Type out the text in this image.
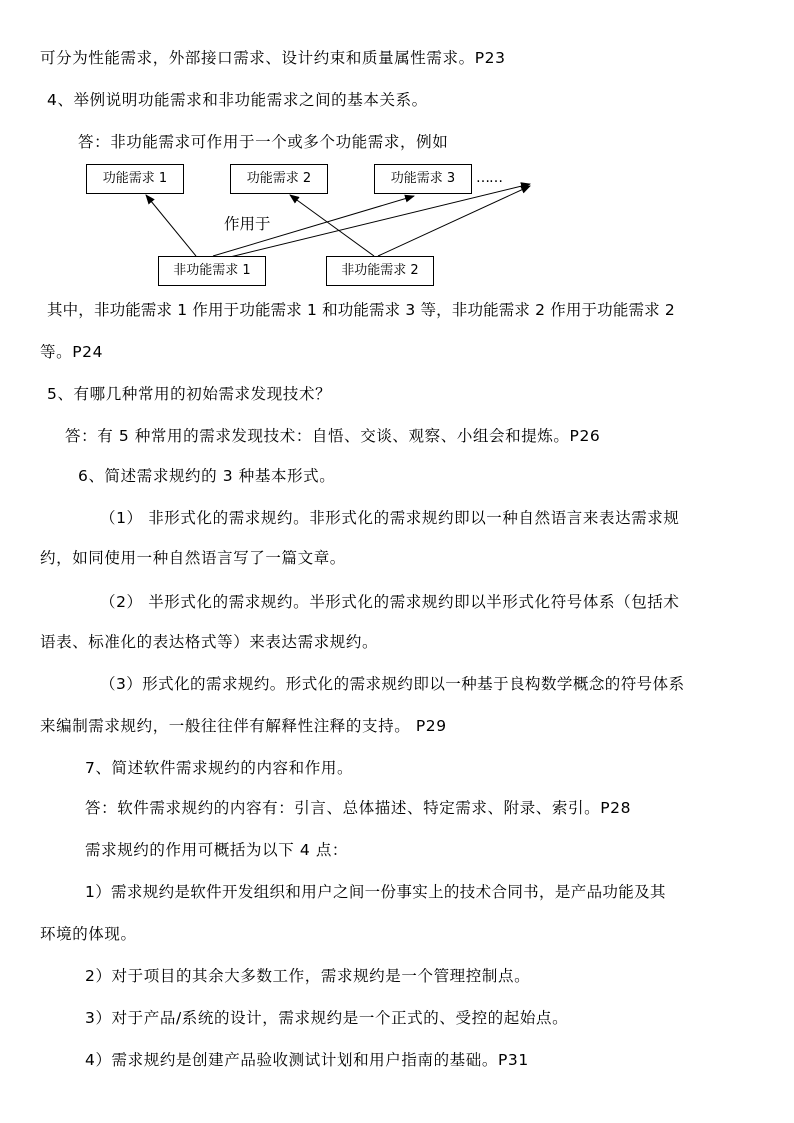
可分为性能需求，外部接口需求、设计约束和质量属性需求。P23
4、举例说明功能需求和非功能需求之间的基本关系。
答：非功能需求可作用于一个或多个功能需求，例如
功能需求 1	功能需求 2	功能需求 3	……
作用于
非功能需求 1	非功能需求 2
其中，非功能需求 1 作用于功能需求 1 和功能需求 3 等，非功能需求 2 作用于功能需求 2
等。P24
5、有哪几种常用的初始需求发现技术？
答：有 5 种常用的需求发现技术：自悟、交谈、观察、小组会和提炼。P26
6、简述需求规约的 3 种基本形式。
（1） 非形式化的需求规约。非形式化的需求规约即以一种自然语言来表达需求规
约，如同使用一种自然语言写了一篇文章。
（2） 半形式化的需求规约。半形式化的需求规约即以半形式化符号体系（包括术
语表、标准化的表达格式等）来表达需求规约。
（3）形式化的需求规约。形式化的需求规约即以一种基于良构数学概念的符号体系
来编制需求规约，一般往往伴有解释性注释的支持。 P29
7、简述软件需求规约的内容和作用。
答：软件需求规约的内容有：引言、总体描述、特定需求、附录、索引。P28
需求规约的作用可概括为以下 4 点：
1）需求规约是软件开发组织和用户之间一份事实上的技术合同书，是产品功能及其
环境的体现。
2）对于项目的其余大多数工作，需求规约是一个管理控制点。
3）对于产品/系统的设计，需求规约是一个正式的、受控的起始点。
4）需求规约是创建产品验收测试计划和用户指南的基础。P31
